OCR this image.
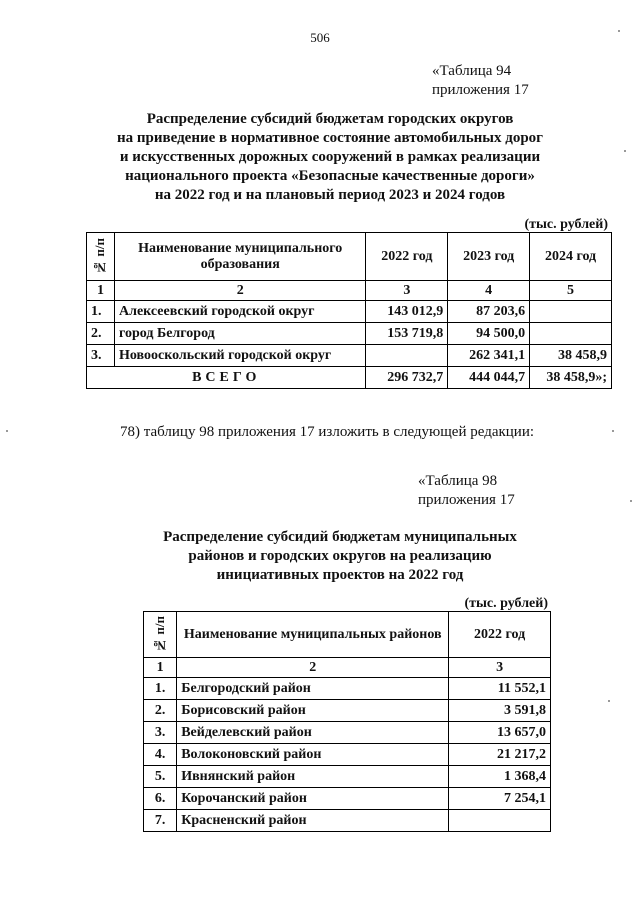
506
«Таблица 94
приложения 17
Распределение субсидий бюджетам городских округов
на приведение в нормативное состояние автомобильных дорог
и искусственных дорожных сооружений в рамках реализации
национального проекта «Безопасные качественные дороги»
на 2022 год и на плановый период 2023 и 2024 годов
(тыс. рублей)
№ п/п	Наименование муниципального образования	2022 год	2023 год	2024 год
1	2	3	4	5
1.	Алексеевский городской округ	143 012,9	87 203,6	
2.	город Белгород	153 719,8	94 500,0	
3.	Новооскольский городской округ		262 341,1	38 458,9
ВСЕГО		296 732,7	444 044,7	38 458,9»;
78) таблицу 98 приложения 17 изложить в следующей редакции:
«Таблица 98
приложения 17
Распределение субсидий бюджетам муниципальных
районов и городских округов на реализацию
инициативных проектов на 2022 год
(тыс. рублей)
№ п/п	Наименование муниципальных районов	2022 год
1	2	3
1.	Белгородский район	11 552,1
2.	Борисовский район	3 591,8
3.	Вейделевский район	13 657,0
4.	Волоконовский район	21 217,2
5.	Ивнянский район	1 368,4
6.	Корочанский район	7 254,1
7.	Красненский район	
